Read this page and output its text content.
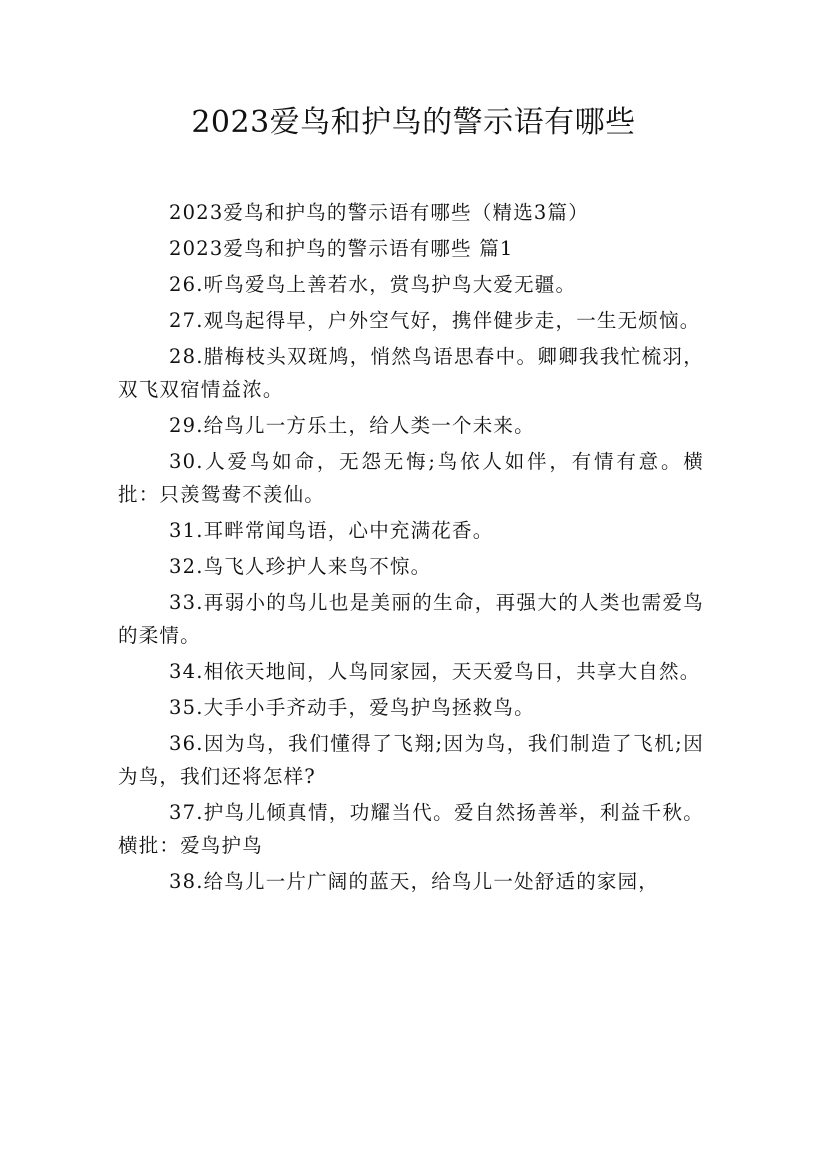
2023爱鸟和护鸟的警示语有哪些

2023爱鸟和护鸟的警示语有哪些（精选3篇）

2023爱鸟和护鸟的警示语有哪些 篇1

26.听鸟爱鸟上善若水，赏鸟护鸟大爱无疆。

27.观鸟起得早，户外空气好，携伴健步走，一生无烦恼。

28.腊梅枝头双斑鸠，悄然鸟语思春中。卿卿我我忙梳羽，双飞双宿情益浓。

29.给鸟儿一方乐土，给人类一个未来。

30.人爱鸟如命，无怨无悔;鸟依人如伴，有情有意。横批：只羡鸳鸯不羡仙。

31.耳畔常闻鸟语，心中充满花香。

32.鸟飞人珍护人来鸟不惊。

33.再弱小的鸟儿也是美丽的生命，再强大的人类也需爱鸟的柔情。

34.相依天地间，人鸟同家园，天天爱鸟日，共享大自然。

35.大手小手齐动手，爱鸟护鸟拯救鸟。

36.因为鸟，我们懂得了飞翔;因为鸟，我们制造了飞机;因为鸟，我们还将怎样?

37.护鸟儿倾真情，功耀当代。爱自然扬善举，利益千秋。横批：爱鸟护鸟

38.给鸟儿一片广阔的蓝天，给鸟儿一处舒适的家园，
